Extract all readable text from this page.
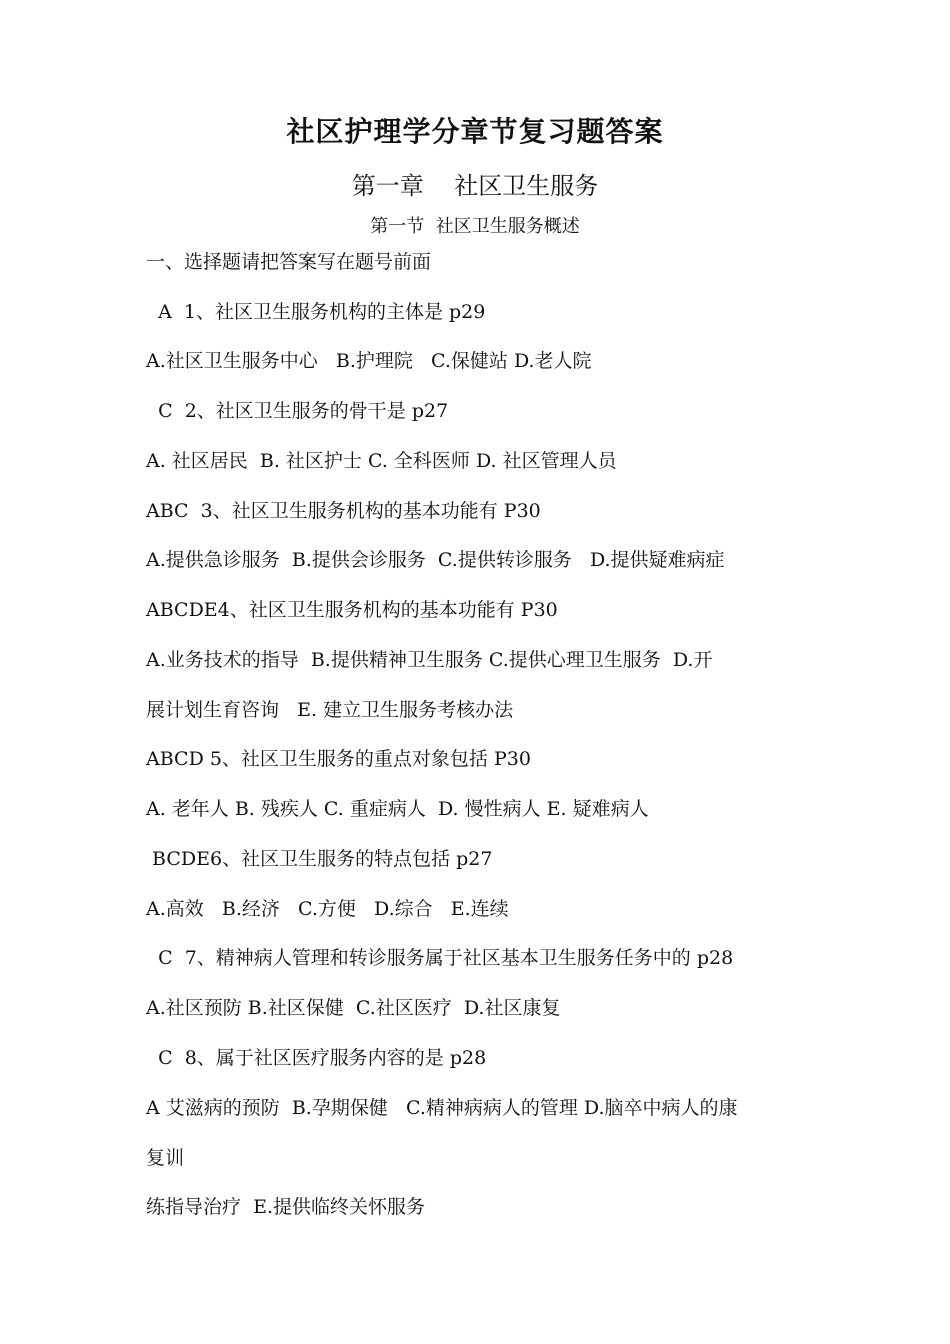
社区护理学分章节复习题答案
第一章    社区卫生服务
第一节  社区卫生服务概述
一、选择题请把答案写在题号前面
A  1、社区卫生服务机构的主体是 p29
A.社区卫生服务中心   B.护理院   C.保健站 D.老人院
C  2、社区卫生服务的骨干是 p27
A. 社区居民  B. 社区护士 C. 全科医师 D. 社区管理人员
ABC  3、社区卫生服务机构的基本功能有 P30
A.提供急诊服务  B.提供会诊服务  C.提供转诊服务   D.提供疑难病症
ABCDE4、社区卫生服务机构的基本功能有 P30
A.业务技术的指导  B.提供精神卫生服务 C.提供心理卫生服务  D.开
展计划生育咨询   E. 建立卫生服务考核办法
ABCD 5、社区卫生服务的重点对象包括 P30
A. 老年人 B. 残疾人 C. 重症病人  D. 慢性病人 E. 疑难病人
BCDE6、社区卫生服务的特点包括 p27
A.高效   B.经济   C.方便   D.综合   E.连续
C  7、精神病人管理和转诊服务属于社区基本卫生服务任务中的 p28
A.社区预防 B.社区保健  C.社区医疗  D.社区康复
C  8、属于社区医疗服务内容的是 p28
A 艾滋病的预防  B.孕期保健   C.精神病病人的管理 D.脑卒中病人的康
复训
练指导治疗  E.提供临终关怀服务
